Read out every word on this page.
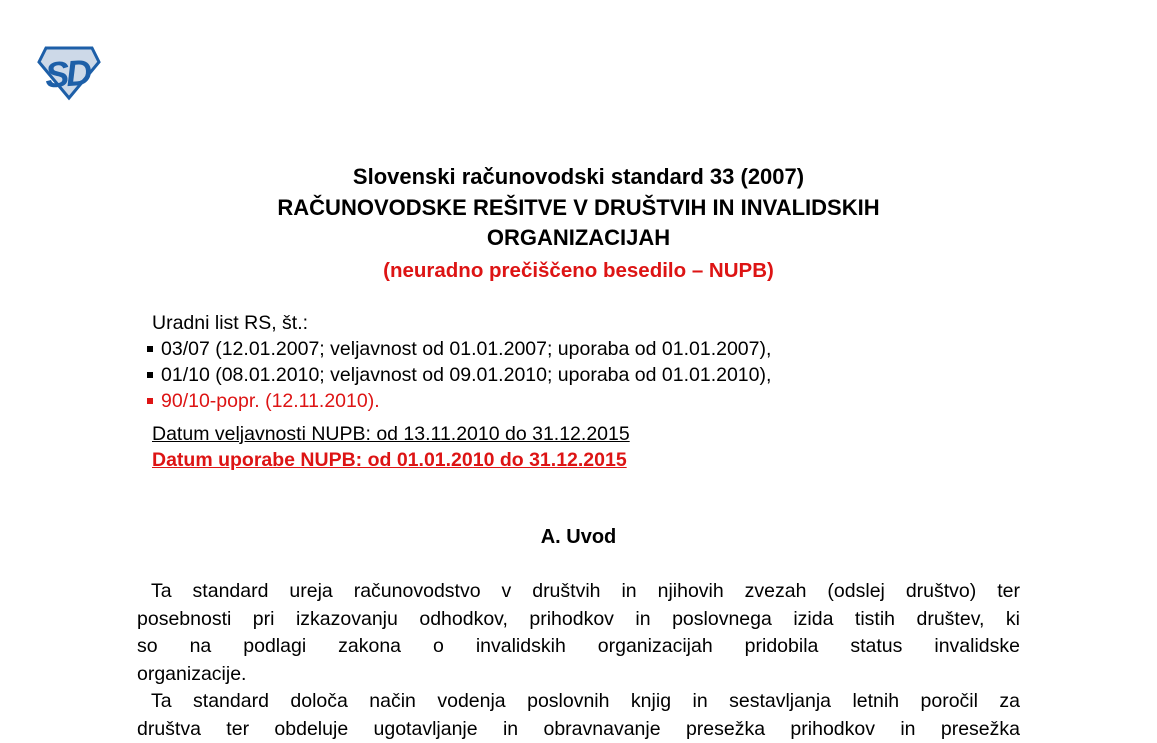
SD
Slovenski računovodski standard 33 (2007)
RAČUNOVODSKE REŠITVE V DRUŠTVIH IN INVALIDSKIH
ORGANIZACIJAH
(neuradno prečiščeno besedilo – NUPB)
Uradni list RS, št.:
03/07 (12.01.2007; veljavnost od 01.01.2007; uporaba od 01.01.2007),
01/10 (08.01.2010; veljavnost od 09.01.2010; uporaba od 01.01.2010),
90/10-popr. (12.11.2010).
Datum veljavnosti NUPB: od 13.11.2010 do 31.12.2015
Datum uporabe NUPB: od 01.01.2010 do 31.12.2015
A. Uvod
Ta standard ureja računovodstvo v društvih in njihovih zvezah (odslej društvo) ter
posebnosti pri izkazovanju odhodkov, prihodkov in poslovnega izida tistih društev, ki
so na podlagi zakona o invalidskih organizacijah pridobila status invalidske
organizacije.
Ta standard določa način vodenja poslovnih knjig in sestavljanja letnih poročil za
društva ter obdeluje ugotavljanje in obravnavanje presežka prihodkov in presežka
